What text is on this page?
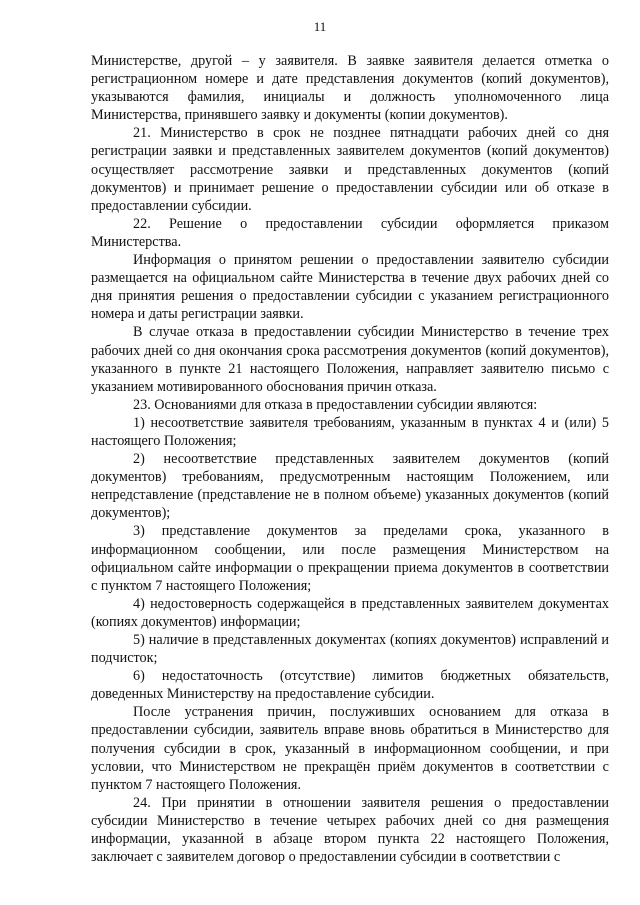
11

Министерстве, другой – у заявителя. В заявке заявителя делается отметка о регистрационном номере и дате представления документов (копий документов), указываются фамилия, инициалы и должность уполномоченного лица Министерства, принявшего заявку и документы (копии документов).

21. Министерство в срок не позднее пятнадцати рабочих дней со дня регистрации заявки и представленных заявителем документов (копий документов) осуществляет рассмотрение заявки и представленных документов (копий документов) и принимает решение о предоставлении субсидии или об отказе в предоставлении субсидии.

22. Решение о предоставлении субсидии оформляется приказом Министерства.

Информация о принятом решении о предоставлении заявителю субсидии размещается на официальном сайте Министерства в течение двух рабочих дней со дня принятия решения о предоставлении субсидии с указанием регистрационного номера и даты регистрации заявки.

В случае отказа в предоставлении субсидии Министерство в течение трех рабочих дней со дня окончания срока рассмотрения документов (копий документов), указанного в пункте 21 настоящего Положения, направляет заявителю письмо с указанием мотивированного обоснования причин отказа.

23. Основаниями для отказа в предоставлении субсидии являются:

1) несоответствие заявителя требованиям, указанным в пунктах 4 и (или) 5 настоящего Положения;

2) несоответствие представленных заявителем документов (копий документов) требованиям, предусмотренным настоящим Положением, или непредставление (представление не в полном объеме) указанных документов (копий документов);

3) представление документов за пределами срока, указанного в информационном сообщении, или после размещения Министерством на официальном сайте информации о прекращении приема документов в соответствии с пунктом 7 настоящего Положения;

4) недостоверность содержащейся в представленных заявителем документах (копиях документов) информации;

5) наличие в представленных документах (копиях документов) исправлений и подчисток;

6) недостаточность (отсутствие) лимитов бюджетных обязательств, доведенных Министерству на предоставление субсидии.

После устранения причин, послуживших основанием для отказа в предоставлении субсидии, заявитель вправе вновь обратиться в Министерство для получения субсидии в срок, указанный в информационном сообщении, и при условии, что Министерством не прекращён приём документов в соответствии с пунктом 7 настоящего Положения.

24. При принятии в отношении заявителя решения о предоставлении субсидии Министерство в течение четырех рабочих дней со дня размещения информации, указанной в абзаце втором пункта 22 настоящего Положения, заключает с заявителем договор о предоставлении субсидии в соответствии с
